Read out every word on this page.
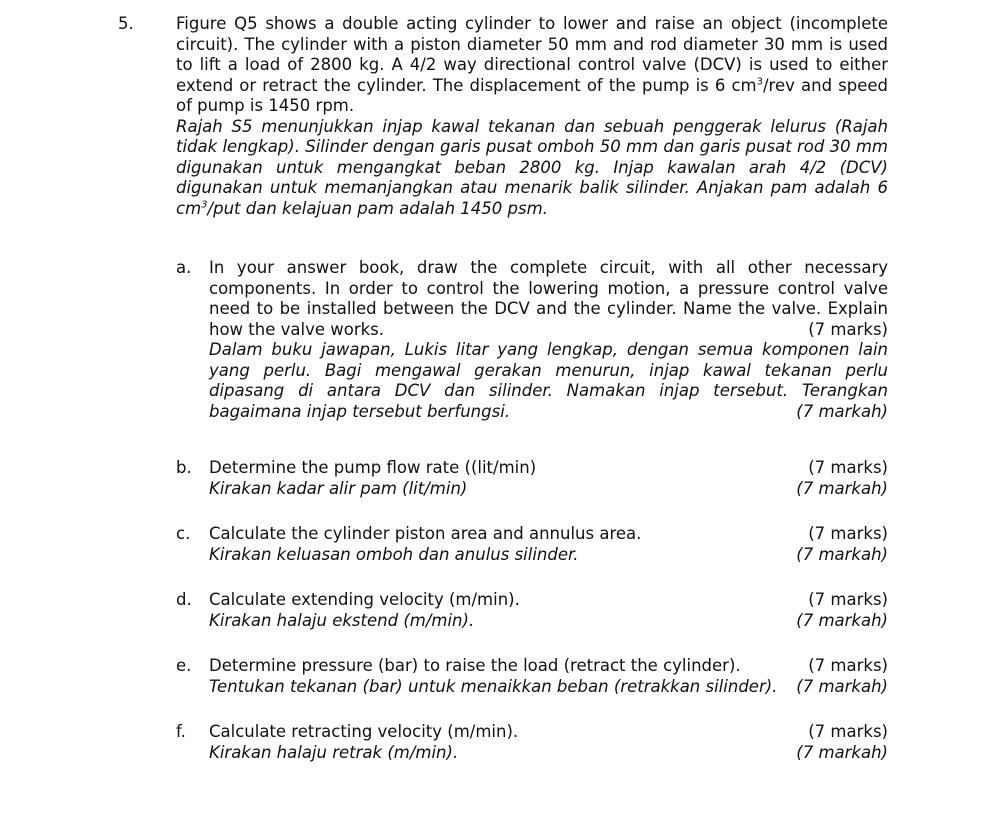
5.	Figure Q5 shows a double acting cylinder to lower and raise an object (incomplete circuit). The cylinder with a piston diameter 50 mm and rod diameter 30 mm is used to lift a load of 2800 kg. A 4/2 way directional control valve (DCV) is used to either extend or retract the cylinder. The displacement of the pump is 6 $cm^3$/rev and speed of pump is 1450 rpm.
Rajah S5 menunjukkan injap kawal tekanan dan sebuah penggerak lelurus (Rajah tidak lengkap). Silinder dengan garis pusat omboh 50 mm dan garis pusat rod 30 mm digunakan untuk mengangkat beban 2800 kg. Injap kawalan arah 4/2 (DCV) digunakan untuk memanjangkan atau menarik balik silinder. Anjakan pam adalah 6 $cm^3$/put dan kelajuan pam adalah 1450 psm.
a.	In your answer book, draw the complete circuit, with all other necessary components. In order to control the lowering motion, a pressure control valve need to be installed between the DCV and the cylinder. Name the valve. Explain how the valve works.	(7 marks)
Dalam buku jawapan, Lukis litar yang lengkap, dengan semua komponen lain yang perlu. Bagi mengawal gerakan menurun, injap kawal tekanan perlu dipasang di antara DCV dan silinder. Namakan injap tersebut. Terangkan bagaimana injap tersebut berfungsi.	(7 markah)
b.	Determine the pump flow rate ((lit/min)	(7 marks)
Kirakan kadar alir pam (lit/min)	(7 markah)
c.	Calculate the cylinder piston area and annulus area.	(7 marks)
Kirakan keluasan omboh dan anulus silinder.	(7 markah)
d.	Calculate extending velocity (m/min).	(7 marks)
Kirakan halaju ekstend (m/min).	(7 markah)
e.	Determine pressure (bar) to raise the load (retract the cylinder).	(7 marks)
Tentukan tekanan (bar) untuk menaikkan beban (retrakkan silinder).	(7 markah)
f.	Calculate retracting velocity (m/min).	(7 marks)
Kirakan halaju retrak (m/min).	(7 markah)
